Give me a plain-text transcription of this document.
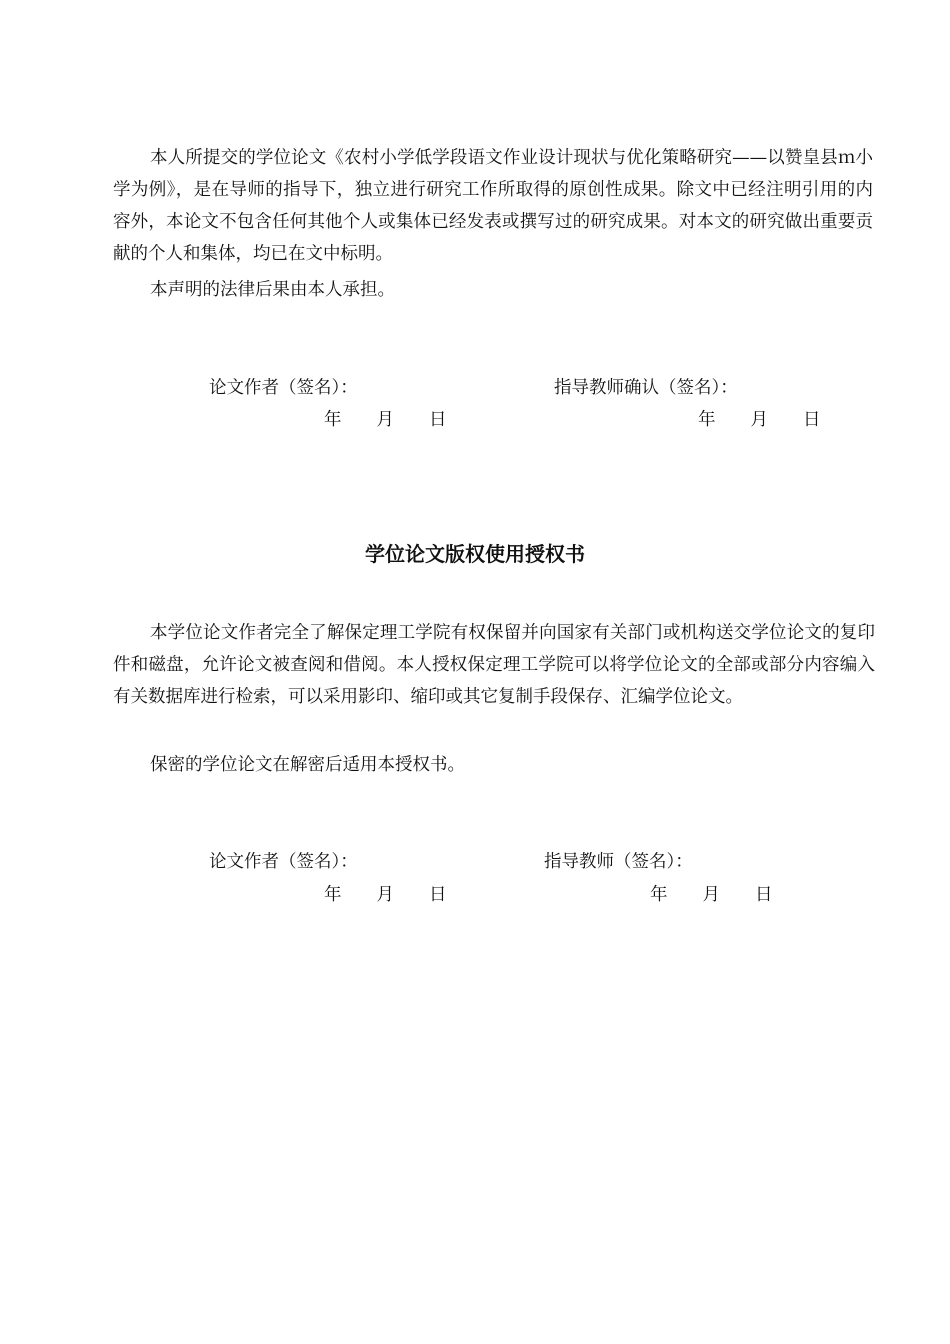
本人所提交的学位论文《农村小学低学段语文作业设计现状与优化策略研究——以赞皇县ｍ小学为例》，是在导师的指导下，独立进行研究工作所取得的原创性成果。除文中已经注明引用的内容外，本论文不包含任何其他个人或集体已经发表或撰写过的研究成果。对本文的研究做出重要贡献的个人和集体，均已在文中标明。

本声明的法律后果由本人承担。

论文作者（签名）：	指导教师确认（签名）：
年　　月　　日	年　　月　　日
学位论文版权使用授权书

本学位论文作者完全了解保定理工学院有权保留并向国家有关部门或机构送交学位论文的复印件和磁盘，允许论文被查阅和借阅。本人授权保定理工学院可以将学位论文的全部或部分内容编入有关数据库进行检索，可以采用影印、缩印或其它复制手段保存、汇编学位论文。

保密的学位论文在解密后适用本授权书。

论文作者（签名）：	指导教师（签名）：
年　　月　　日	年　　月　　日
